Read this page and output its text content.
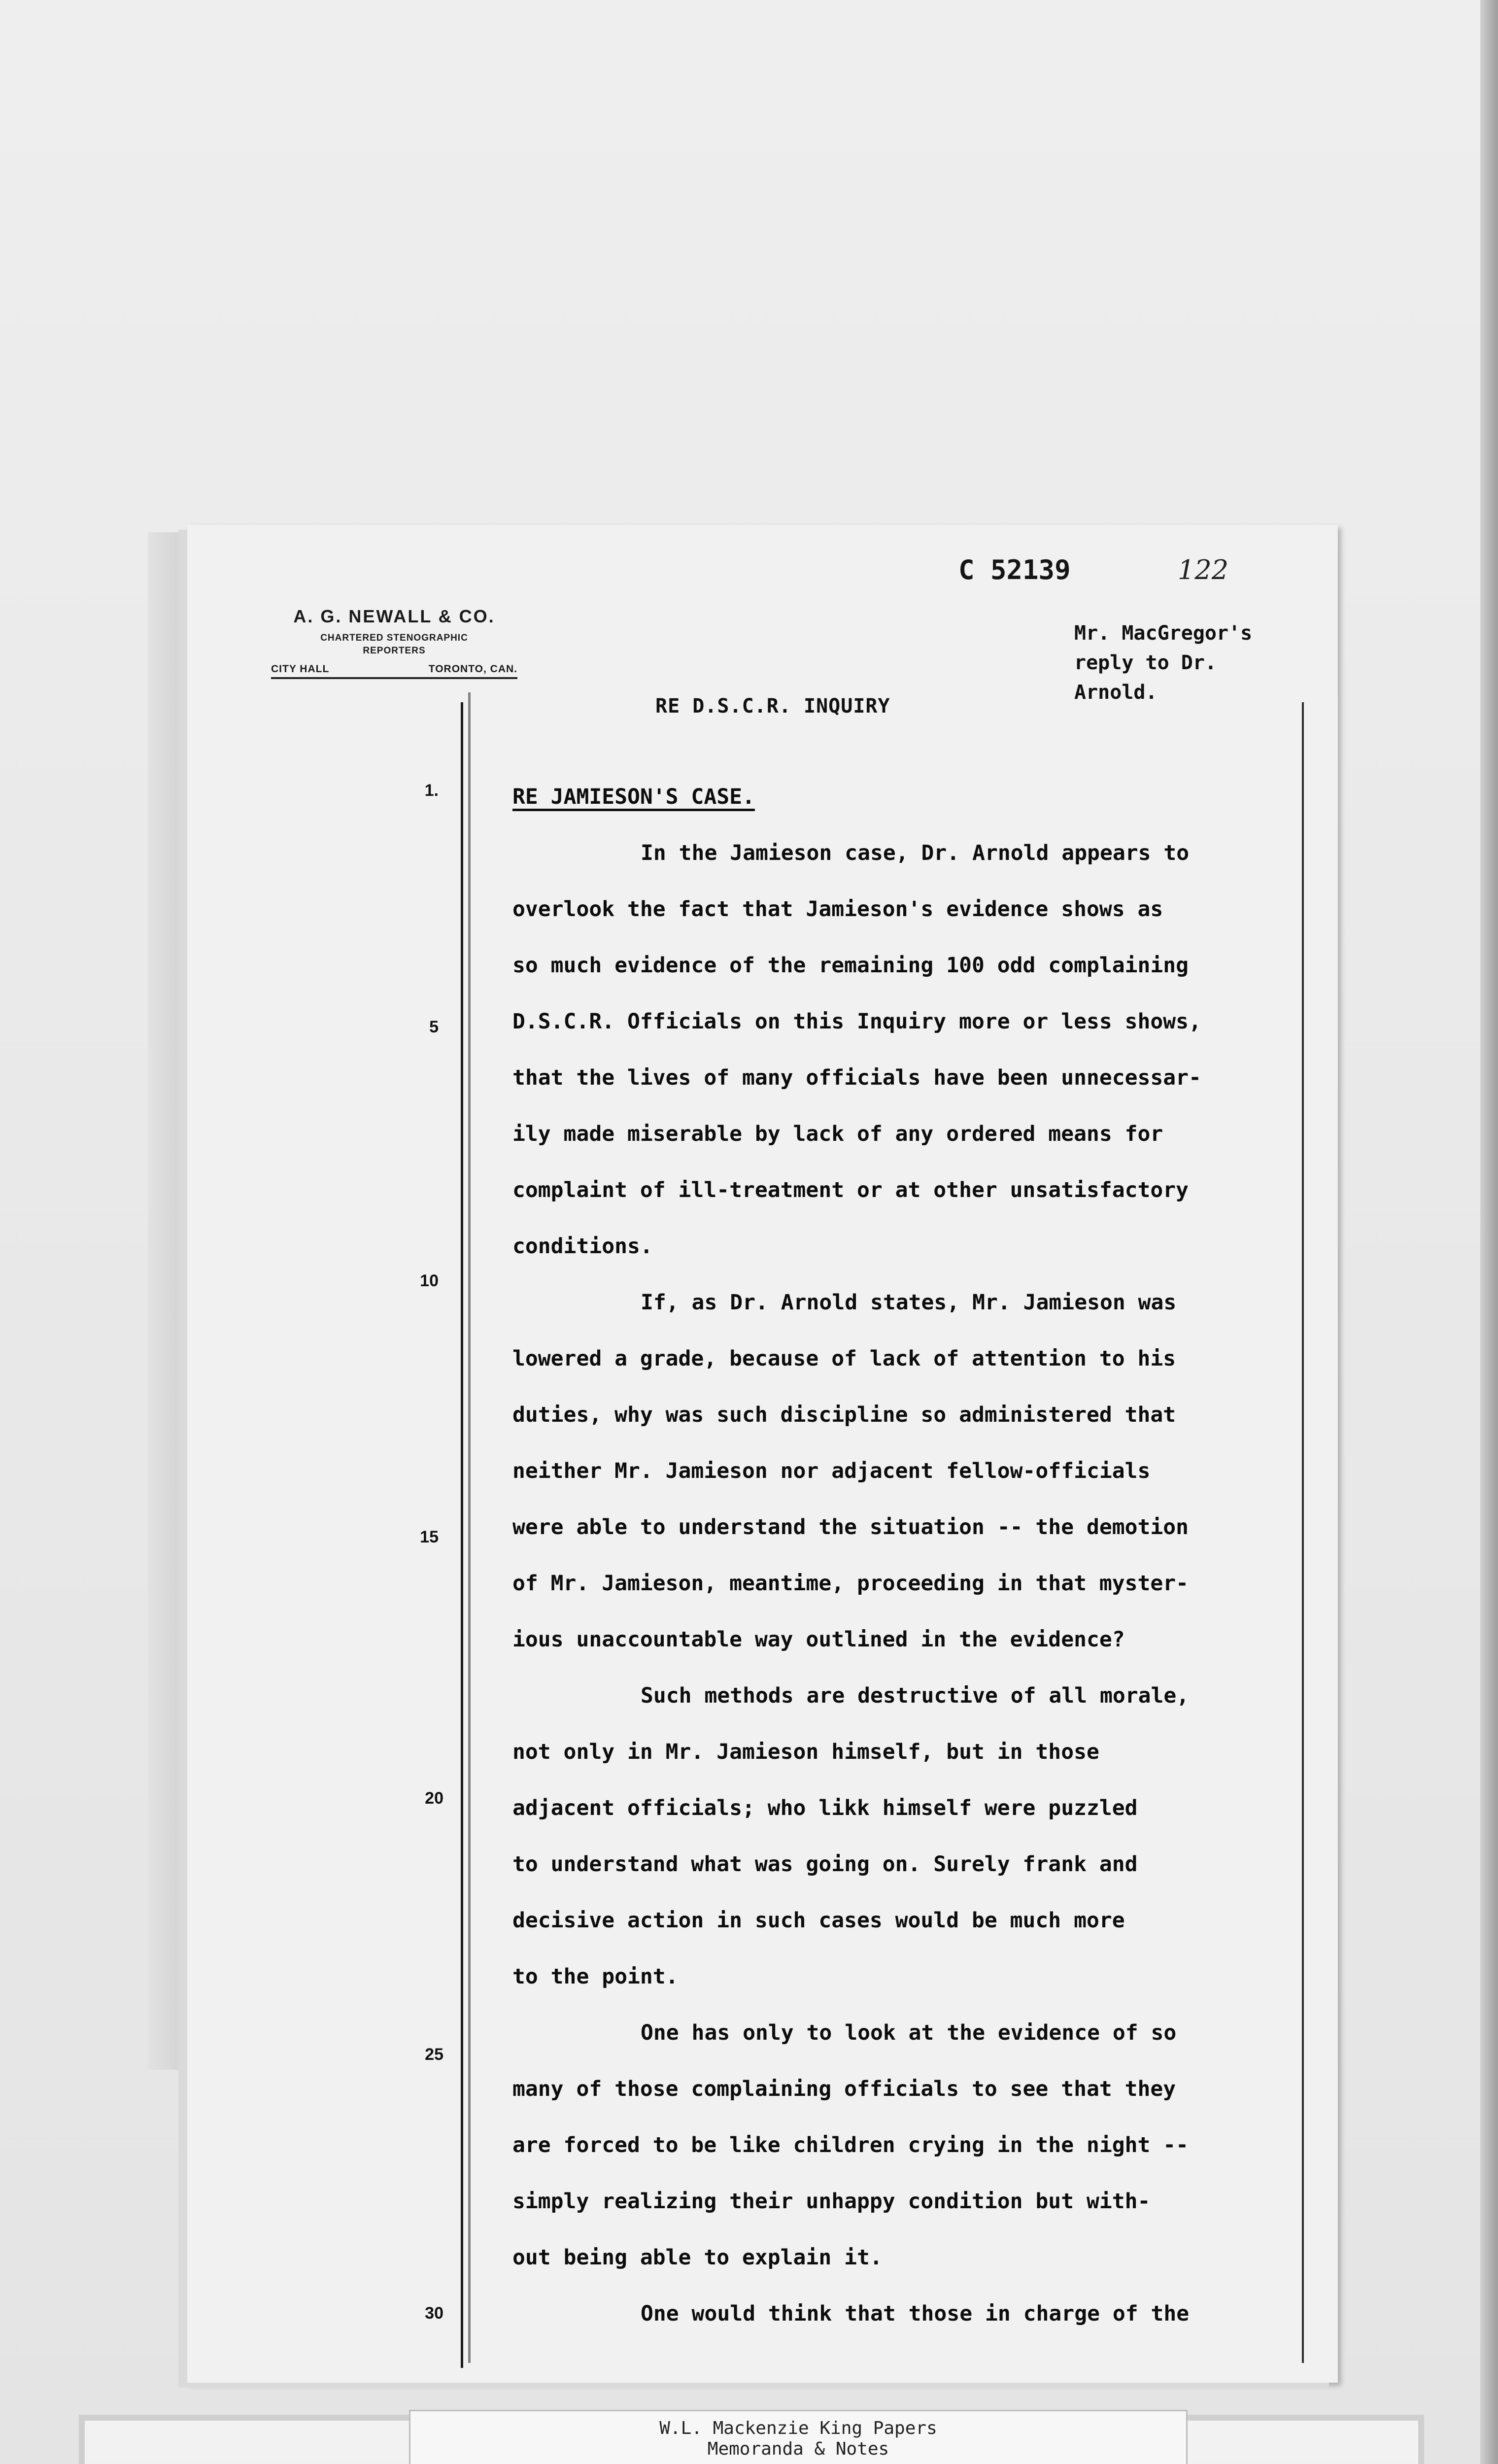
A. G. NEWALL & CO.
CHARTERED STENOGRAPHIC
REPORTERS
CITY HALL	TORONTO, CAN.
C 52139	122
Mr. MacGregor's
reply to Dr.
Arnold.
RE D.S.C.R. INQUIRY
1.
5
10
15
20
25
30

RE JAMIESON'S CASE.

In the Jamieson case, Dr. Arnold appears to

overlook the fact that Jamieson's evidence shows as

so much evidence of the remaining 100 odd complaining

D.S.C.R. Officials on this Inquiry more or less shows,

that the lives of many officials have been unnecessar-

ily made miserable by lack of any ordered means for

complaint of ill-treatment or at other unsatisfactory

conditions.

If, as Dr. Arnold states, Mr. Jamieson was

lowered a grade, because of lack of attention to his

duties, why was such discipline so administered that

neither Mr. Jamieson nor adjacent fellow-officials

were able to understand the situation -- the demotion

of Mr. Jamieson, meantime, proceeding in that myster-

ious unaccountable way outlined in the evidence?

Such methods are destructive of all morale,

not only in Mr. Jamieson himself, but in those

adjacent officials; who likk himself were puzzled

to understand what was going on. Surely frank and

decisive action in such cases would be much more

to the point.

One has only to look at the evidence of so

many of those complaining officials to see that they

are forced to be like children crying in the night --

simply realizing their unhappy condition but with-

out being able to explain it.

One would think that those in charge of the

W.L. Mackenzie King Papers
Memoranda & Notes
